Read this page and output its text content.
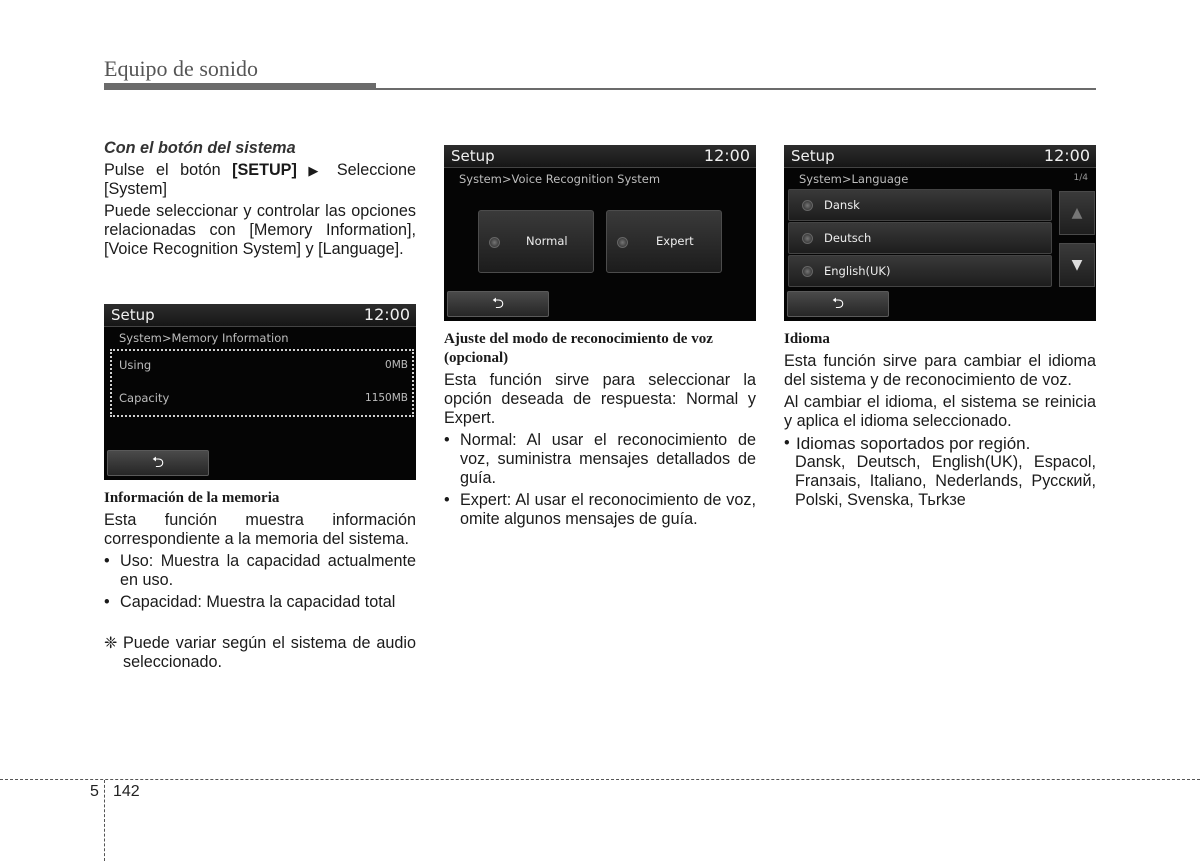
Equipo de sonido

Con el botón del sistema

Pulse el botón [SETUP] ▶ Seleccione [System]

Puede seleccionar y controlar las opciones relacionadas con [Memory Information], [Voice Recognition System] y [Language].

Setup	12:00
System>Memory Information
Using	0MB
Capacity	1150MB
⮌

Información de la memoria

Esta función muestra información correspondiente a la memoria del sistema.

• Uso: Muestra la capacidad actualmente en uso.
• Capacidad: Muestra la capacidad total
❈ Puede variar según el sistema de audio seleccionado.
Setup	12:00
System>Voice Recognition System
Normal	Expert
⮌

Ajuste del modo de reconocimiento de voz (opcional)

Esta función sirve para seleccionar la opción deseada de respuesta: Normal y Expert.

• Normal: Al usar el reconocimiento de voz, suministra mensajes detallados de guía.
• Expert: Al usar el reconocimiento de voz, omite algunos mensajes de guía.
Setup	12:00
System>Language	1/4
Dansk
Deutsch
English(UK)
▲
▼
⮌

Idioma

Esta función sirve para cambiar el idioma del sistema y de reconocimiento de voz.

Al cambiar el idioma, el sistema se reinicia y aplica el idioma seleccionado.

• Idiomas soportados por región.

Dansk, Deutsch, English(UK), Espacol, Franзais, Italiano, Nederlands, Русский, Polski, Svenska, Тьrkзe

5 142
